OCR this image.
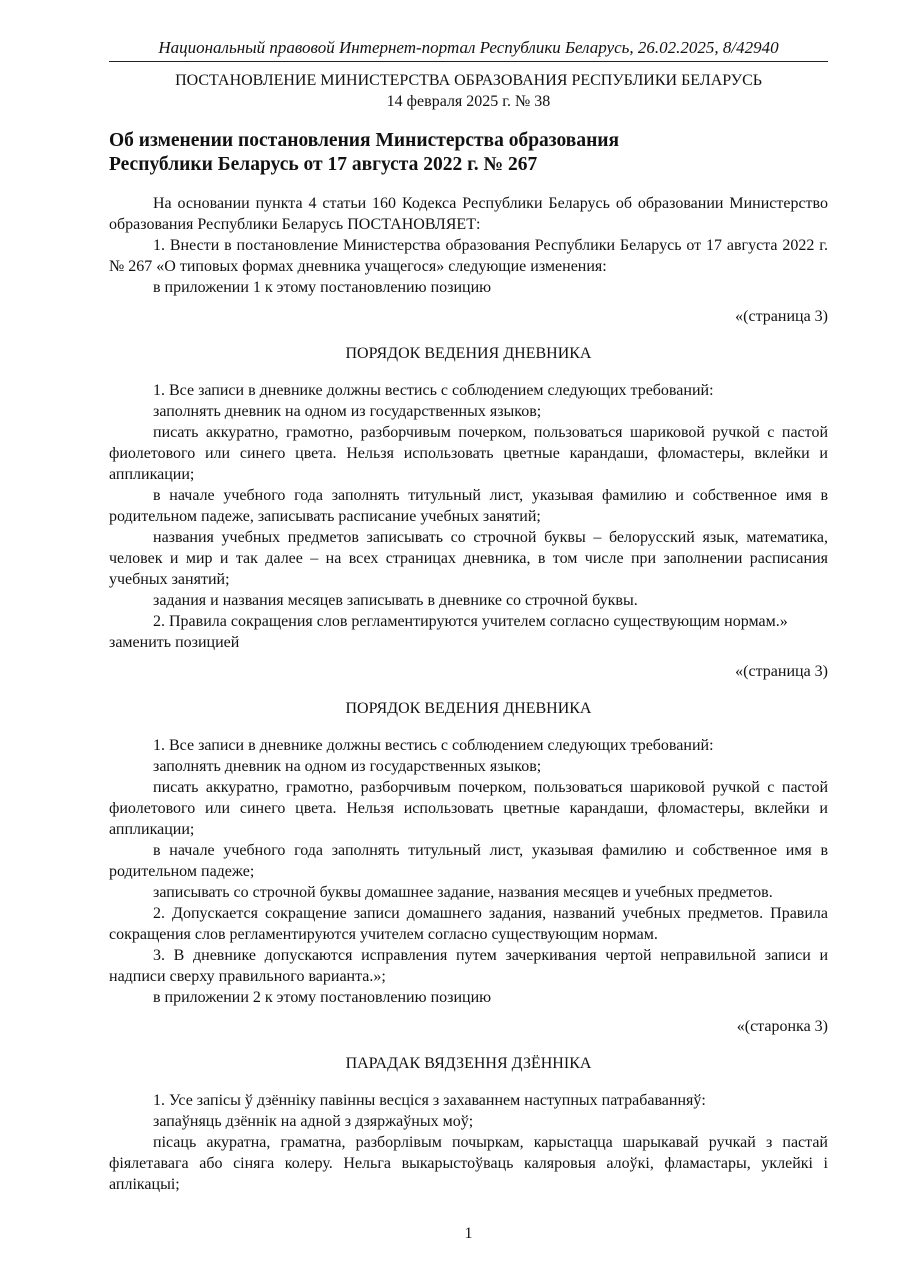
Национальный правовой Интернет-портал Республики Беларусь, 26.02.2025, 8/42940

ПОСТАНОВЛЕНИЕ МИНИСТЕРСТВА ОБРАЗОВАНИЯ РЕСПУБЛИКИ БЕЛАРУСЬ

14 февраля 2025 г. № 38

Об изменении постановления Министерства образования
Республики Беларусь от 17 августа 2022 г. № 267

На основании пункта 4 статьи 160 Кодекса Республики Беларусь об образовании Министерство образования Республики Беларусь ПОСТАНОВЛЯЕТ:

1. Внести в постановление Министерства образования Республики Беларусь от 17 августа 2022 г. № 267 «О типовых формах дневника учащегося» следующие изменения:

в приложении 1 к этому постановлению позицию

«(страница 3)

ПОРЯДОК ВЕДЕНИЯ ДНЕВНИКА

1. Все записи в дневнике должны вестись с соблюдением следующих требований:

заполнять дневник на одном из государственных языков;

писать аккуратно, грамотно, разборчивым почерком, пользоваться шариковой ручкой с пастой фиолетового или синего цвета. Нельзя использовать цветные карандаши, фломастеры, вклейки и аппликации;

в начале учебного года заполнять титульный лист, указывая фамилию и собственное имя в родительном падеже, записывать расписание учебных занятий;

названия учебных предметов записывать со строчной буквы – белорусский язык, математика, человек и мир и так далее – на всех страницах дневника, в том числе при заполнении расписания учебных занятий;

задания и названия месяцев записывать в дневнике со строчной буквы.

2. Правила сокращения слов регламентируются учителем согласно существующим нормам.»

заменить позицией

«(страница 3)

ПОРЯДОК ВЕДЕНИЯ ДНЕВНИКА

1. Все записи в дневнике должны вестись с соблюдением следующих требований:

заполнять дневник на одном из государственных языков;

писать аккуратно, грамотно, разборчивым почерком, пользоваться шариковой ручкой с пастой фиолетового или синего цвета. Нельзя использовать цветные карандаши, фломастеры, вклейки и аппликации;

в начале учебного года заполнять титульный лист, указывая фамилию и собственное имя в родительном падеже;

записывать со строчной буквы домашнее задание, названия месяцев и учебных предметов.

2. Допускается сокращение записи домашнего задания, названий учебных предметов. Правила сокращения слов регламентируются учителем согласно существующим нормам.

3. В дневнике допускаются исправления путем зачеркивания чертой неправильной записи и надписи сверху правильного варианта.»;

в приложении 2 к этому постановлению позицию

«(старонка 3)

ПАРАДАК ВЯДЗЕННЯ ДЗЁННІКА

1. Усе запісы ў дзённіку павінны весціся з захаваннем наступных патрабаванняў:

запаўняць дзённік на адной з дзяржаўных моў;

пісаць акуратна, граматна, разборлівым почыркам, карыстацца шарыкавай ручкай з пастай фіялетавага або сіняга колеру. Нельга выкарыстоўваць каляровыя алоўкі, фламастары, уклейкі і аплікацыі;

1
